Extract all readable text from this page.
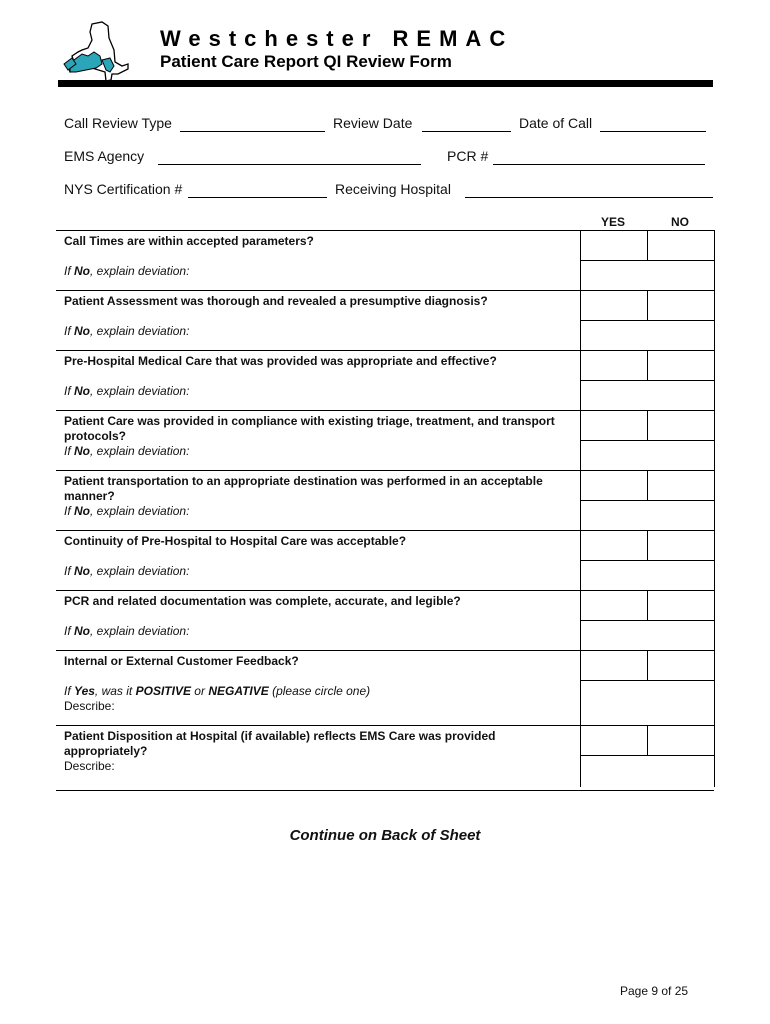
Westchester REMAC
Patient Care Report QI Review Form
Call Review Type	Review Date	Date of Call
EMS Agency	PCR #
NYS Certification #	Receiving Hospital
YES	NO
Call Times are within accepted parameters?
If No, explain deviation:		

Patient Assessment was thorough and revealed a presumptive diagnosis?
If No, explain deviation:		

Pre-Hospital Medical Care that was provided was appropriate and effective?
If No, explain deviation:		

Patient Care was provided in compliance with existing triage, treatment, and transport protocols?
If No, explain deviation:		

Patient transportation to an appropriate destination was performed in an acceptable manner?
If No, explain deviation:		

Continuity of Pre-Hospital to Hospital Care was acceptable?
If No, explain deviation:		

PCR and related documentation was complete, accurate, and legible?
If No, explain deviation:		

Internal or External Customer Feedback?
If Yes, was it POSITIVE or NEGATIVE (please circle one)
Describe:		

Patient Disposition at Hospital (if available) reflects EMS Care was provided appropriately?
Describe:		

Continue on Back of Sheet
Page 9 of 25
